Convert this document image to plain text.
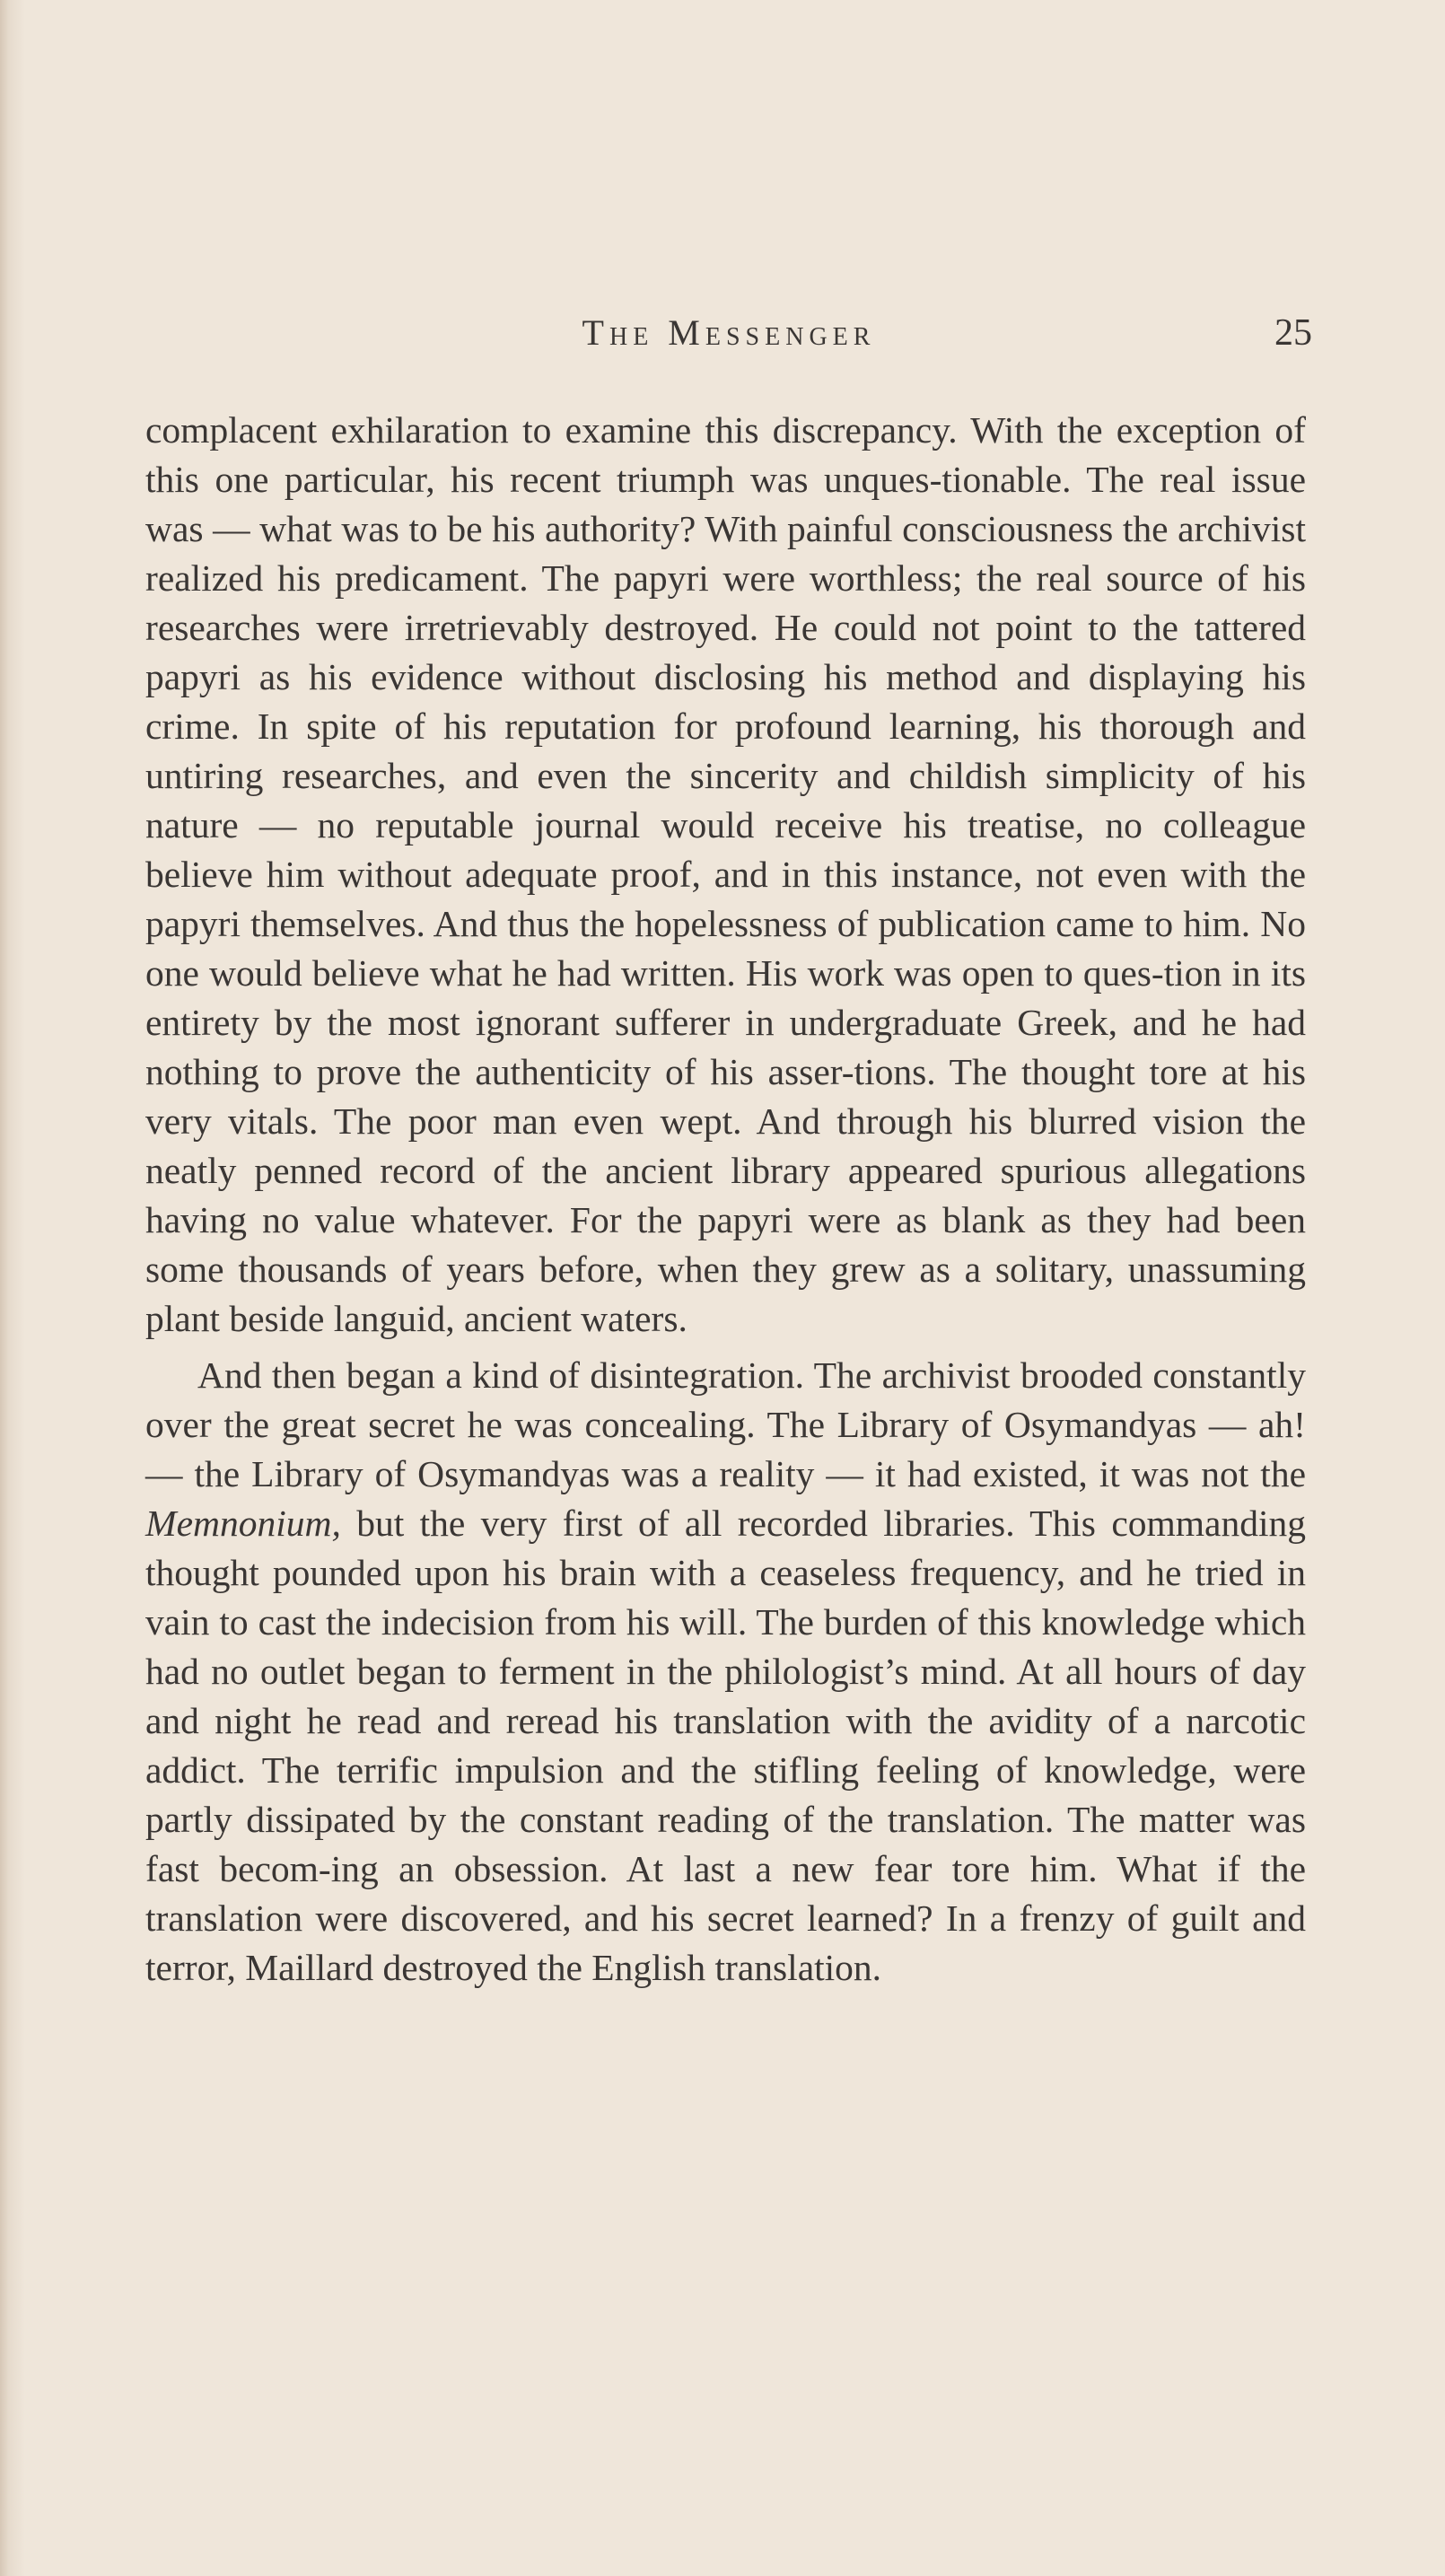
The Messenger	25

complacent exhilaration to examine this discrepancy. With the exception of this one particular, his recent triumph was unques-tionable. The real issue was — what was to be his authority? With painful consciousness the archivist realized his predicament. The papyri were worthless; the real source of his researches were irretrievably destroyed. He could not point to the tattered papyri as his evidence without disclosing his method and displaying his crime. In spite of his reputation for profound learning, his thorough and untiring researches, and even the sincerity and childish simplicity of his nature — no reputable journal would receive his treatise, no colleague believe him without adequate proof, and in this instance, not even with the papyri themselves. And thus the hopelessness of publication came to him. No one would believe what he had written. His work was open to ques-tion in its entirety by the most ignorant sufferer in undergraduate Greek, and he had nothing to prove the authenticity of his asser-tions. The thought tore at his very vitals. The poor man even wept. And through his blurred vision the neatly penned record of the ancient library appeared spurious allegations having no value whatever. For the papyri were as blank as they had been some thousands of years before, when they grew as a solitary, unassuming plant beside languid, ancient waters.

And then began a kind of disintegration. The archivist brooded constantly over the great secret he was concealing. The Library of Osymandyas — ah! — the Library of Osymandyas was a reality — it had existed, it was not the Memnonium, but the very first of all recorded libraries. This commanding thought pounded upon his brain with a ceaseless frequency, and he tried in vain to cast the indecision from his will. The burden of this knowledge which had no outlet began to ferment in the philologist’s mind. At all hours of day and night he read and reread his translation with the avidity of a narcotic addict. The terrific impulsion and the stifling feeling of knowledge, were partly dissipated by the constant reading of the translation. The matter was fast becom-ing an obsession. At last a new fear tore him. What if the translation were discovered, and his secret learned? In a frenzy of guilt and terror, Maillard destroyed the English translation.
